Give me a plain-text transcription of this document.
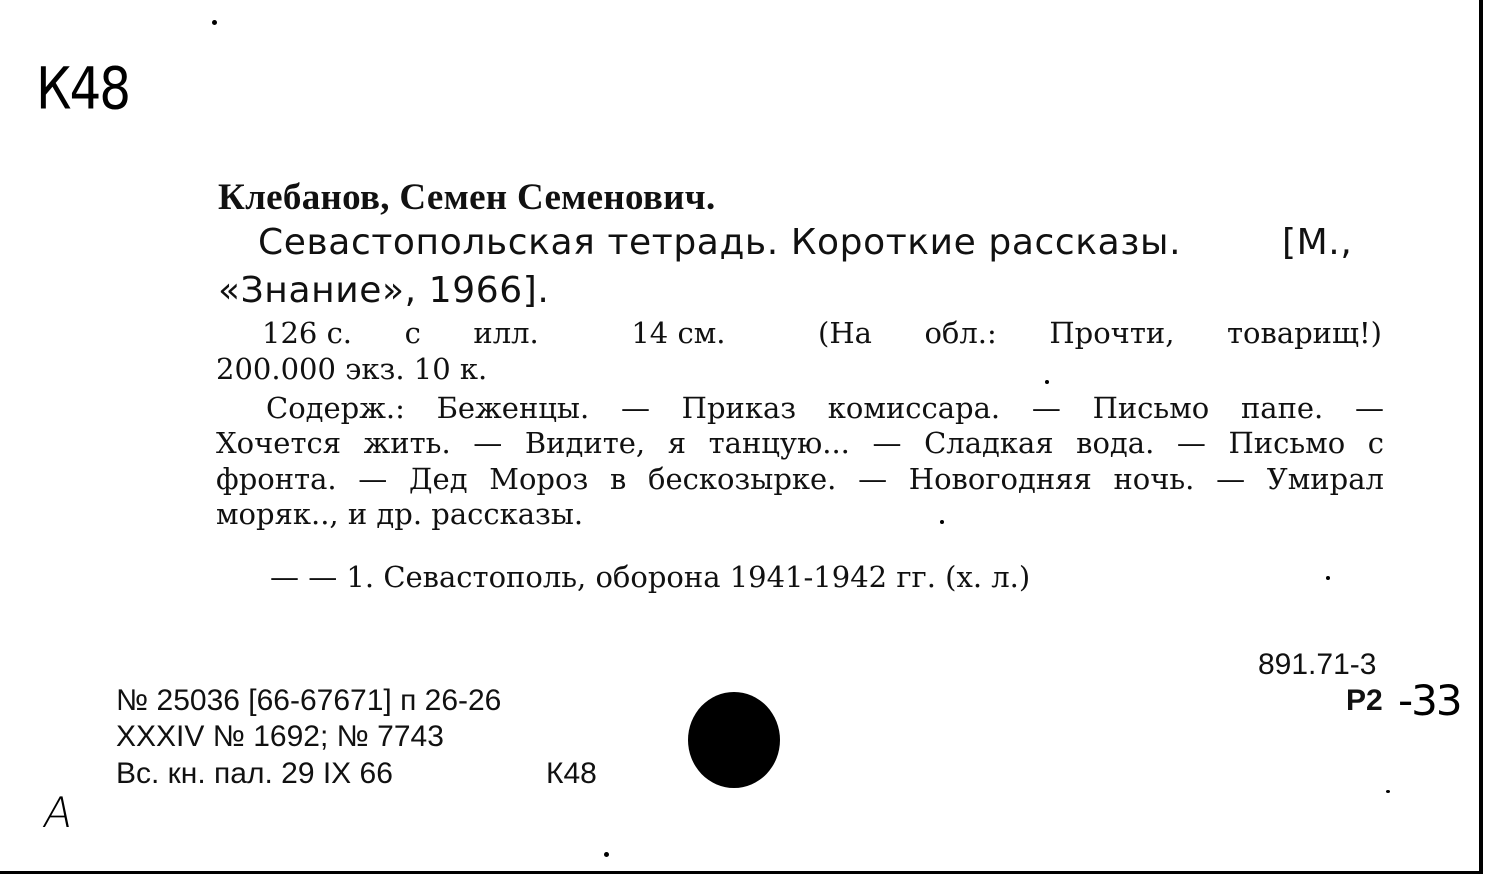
К48
Клебанов, Семен Семенович.
Севастопольская тетрадь. Короткие рассказы.	[М.,
«Знание», 1966].
126 с. с илл.	14 см.	(На обл.: Прочти, товарищ!)
200.000 экз. 10 к.
Содерж.: Беженцы. — Приказ комиссара. — Письмо папе. —
Хочется жить. — Видите, я танцую... — Сладкая вода. — Письмо с
фронта. — Дед Мороз в бескозырке. — Новогодняя ночь. — Умирал
моряк.., и др. рассказы.
— — 1. Севастополь, оборона 1941-1942 гг. (х. л.)
891.71-3
Р2 -33
№ 25036 [66-67671] п 26-26
XXXIV № 1692; № 7743
Вс. кн. пал. 29 IX 66	К48
А
